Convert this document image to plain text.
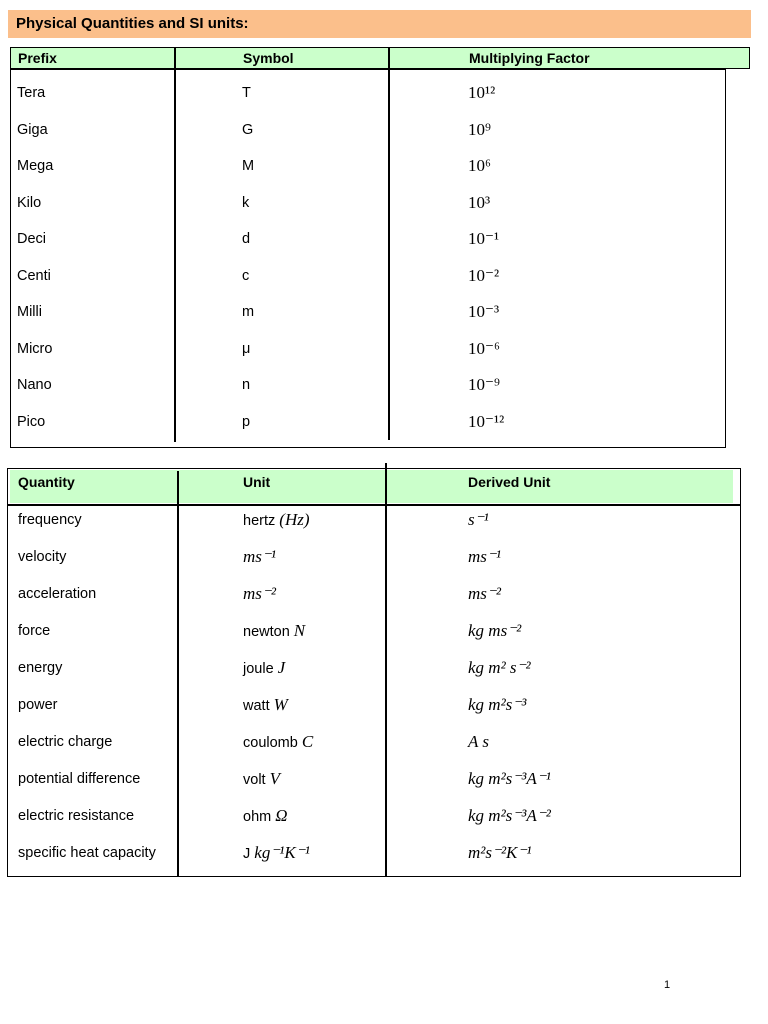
Physical Quantities and SI units:
Prefix	Symbol	Multiplying Factor
Tera	T	10¹²
Giga	G	10⁹
Mega	M	10⁶
Kilo	k	10³
Deci	d	10⁻¹
Centi	c	10⁻²
Milli	m	10⁻³
Micro	μ	10⁻⁶
Nano	n	10⁻⁹
Pico	p	10⁻¹²
Quantity	Unit	Derived Unit
frequency	hertz (Hz)	s⁻¹
velocity	ms⁻¹	ms⁻¹
acceleration	ms⁻²	ms⁻²
force	newton N	kg ms⁻²
energy	joule J	kg m² s⁻²
power	watt W	kg m²s⁻³
electric charge	coulomb C	A s
potential difference	volt V	kg m²s⁻³A⁻¹
electric resistance	ohm Ω	kg m²s⁻³A⁻²
specific heat capacity	J kg⁻¹K⁻¹	m²s⁻²K⁻¹
1
